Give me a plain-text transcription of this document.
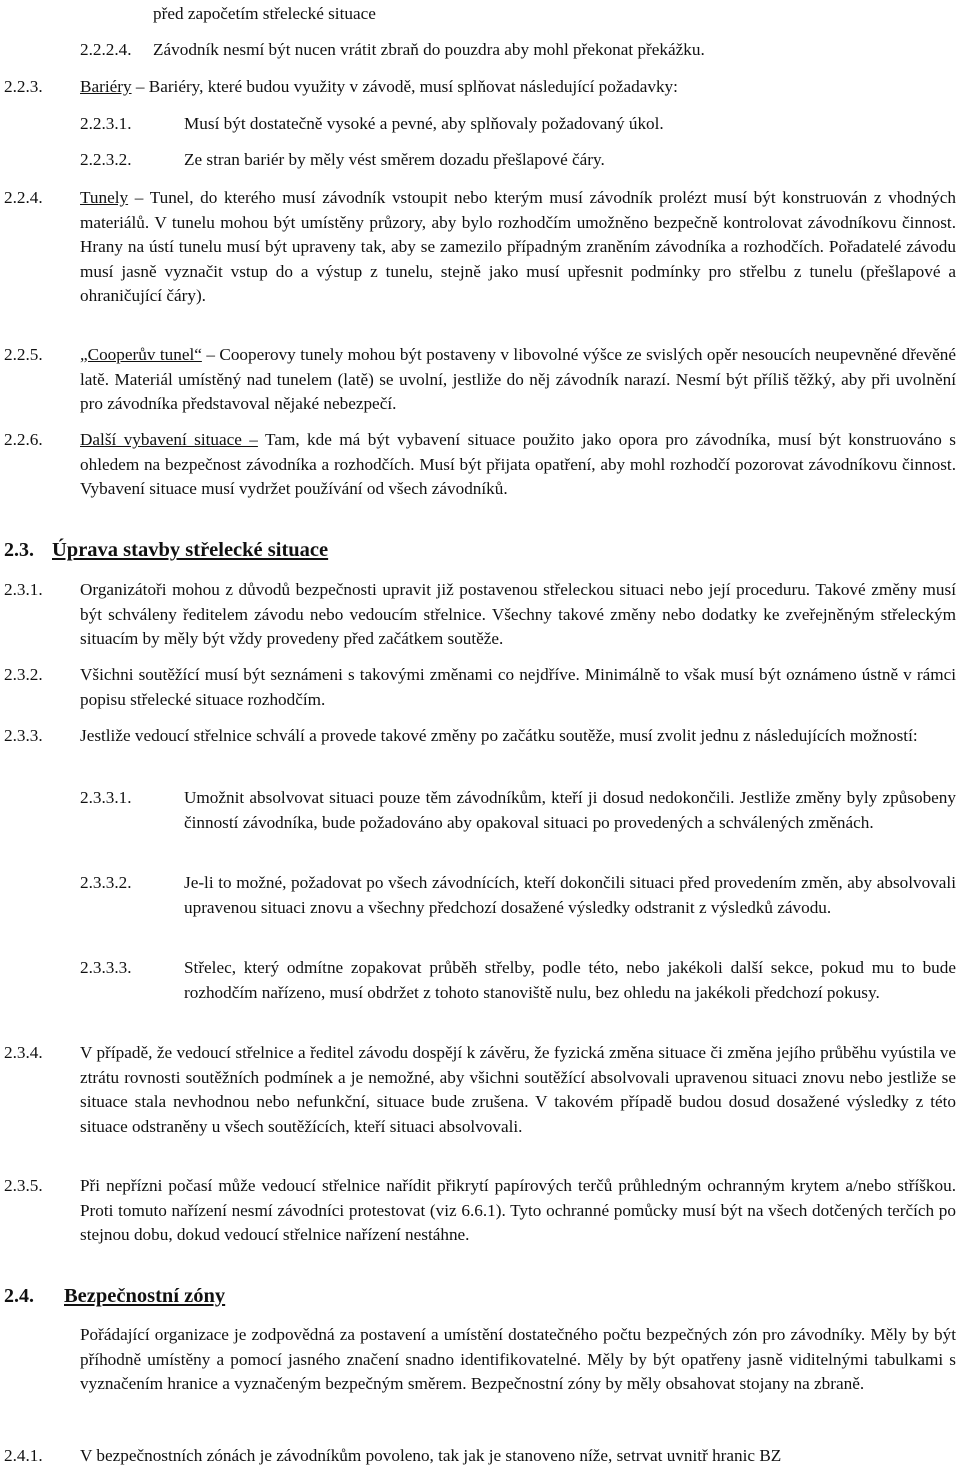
před započetím střelecké situace
2.2.2.4. Závodník nesmí být nucen vrátit zbraň do pouzdra aby mohl překonat překážku.
2.2.3. Bariéry – Bariéry, které budou využity v závodě, musí splňovat následující požadavky:
2.2.3.1.	Musí být dostatečně vysoké a pevné, aby splňovaly požadovaný úkol.
2.2.3.2.	Ze stran bariér by měly vést směrem dozadu přešlapové čáry.
2.2.4. Tunely – Tunel, do kterého musí závodník vstoupit nebo kterým musí závodník prolézt musí být konstruován z vhodných materiálů. V tunelu mohou být umístěny průzory, aby bylo rozhodčím umožněno bezpečně kontrolovat závodníkovu činnost. Hrany na ústí tunelu musí být upraveny tak, aby se zamezilo případným zraněním závodníka a rozhodčích. Pořadatelé závodu musí jasně vyznačit vstup do a výstup z tunelu, stejně jako musí upřesnit podmínky pro střelbu z tunelu (přešlapové a ohraničující čáry).
2.2.5. „Cooperův tunel“ – Cooperovy tunely mohou být postaveny v libovolné výšce ze svislých opěr nesoucích neupevněné dřevěné latě. Materiál umístěný nad tunelem (latě) se uvolní, jestliže do něj závodník narazí. Nesmí být příliš těžký, aby při uvolnění pro závodníka představoval nějaké nebezpečí.
2.2.6. Další vybavení situace – Tam, kde má být vybavení situace použito jako opora pro závodníka, musí být konstruováno s ohledem na bezpečnost závodníka a rozhodčích. Musí být přijata opatření, aby mohl rozhodčí pozorovat závodníkovu činnost. Vybavení situace musí vydržet používání od všech závodníků.
2.3. Úprava stavby střelecké situace
2.3.1. Organizátoři mohou z důvodů bezpečnosti upravit již postavenou střeleckou situaci nebo její proceduru. Takové změny musí být schváleny ředitelem závodu nebo vedoucím střelnice. Všechny takové změny nebo dodatky ke zveřejněným střeleckým situacím by měly být vždy provedeny před začátkem soutěže.
2.3.2. Všichni soutěžící musí být seznámeni s takovými změnami co nejdříve. Minimálně to však musí být oznámeno ústně v rámci popisu střelecké situace rozhodčím.
2.3.3. Jestliže vedoucí střelnice schválí a provede takové změny po začátku soutěže, musí zvolit jednu z následujících možností:
2.3.3.1.	Umožnit absolvovat situaci pouze těm závodníkům, kteří ji dosud nedokončili. Jestliže změny byly způsobeny činností závodníka, bude požadováno aby opakoval situaci po provedených a schválených změnách.
2.3.3.2.	Je-li to možné, požadovat po všech závodnících, kteří dokončili situaci před provedením změn, aby absolvovali upravenou situaci znovu a všechny předchozí dosažené výsledky odstranit z výsledků závodu.
2.3.3.3.	Střelec, který odmítne zopakovat průběh střelby, podle této, nebo jakékoli další sekce, pokud mu to bude rozhodčím nařízeno, musí obdržet z tohoto stanoviště nulu, bez ohledu na jakékoli předchozí pokusy.
2.3.4. V případě, že vedoucí střelnice a ředitel závodu dospějí k závěru, že fyzická změna situace či změna jejího průběhu vyústila ve ztrátu rovnosti soutěžních podmínek a je nemožné, aby všichni soutěžící absolvovali upravenou situaci znovu nebo jestliže se situace stala nevhodnou nebo nefunkční, situace bude zrušena. V takovém případě budou dosud dosažené výsledky z této situace odstraněny u všech soutěžících, kteří situaci absolvovali.
2.3.5. Při nepřízni počasí může vedoucí střelnice nařídit přikrytí papírových terčů průhledným ochranným krytem a/nebo stříškou. Proti tomuto nařízení nesmí závodníci protestovat (viz 6.6.1). Tyto ochranné pomůcky musí být na všech dotčených terčích po stejnou dobu, dokud vedoucí střelnice nařízení nestáhne.
2.4. Bezpečnostní zóny
Pořádající organizace je zodpovědná za postavení a umístění dostatečného počtu bezpečných zón pro závodníky. Měly by být příhodně umístěny a pomocí jasného značení snadno identifikovatelné. Měly by být opatřeny jasně viditelnými tabulkami s vyznačením hranice a vyznačeným bezpečným směrem. Bezpečnostní zóny by měly obsahovat stojany na zbraně.
2.4.1. V bezpečnostních zónách je závodníkům povoleno, tak jak je stanoveno níže, setrvat uvnitř hranic BZ
